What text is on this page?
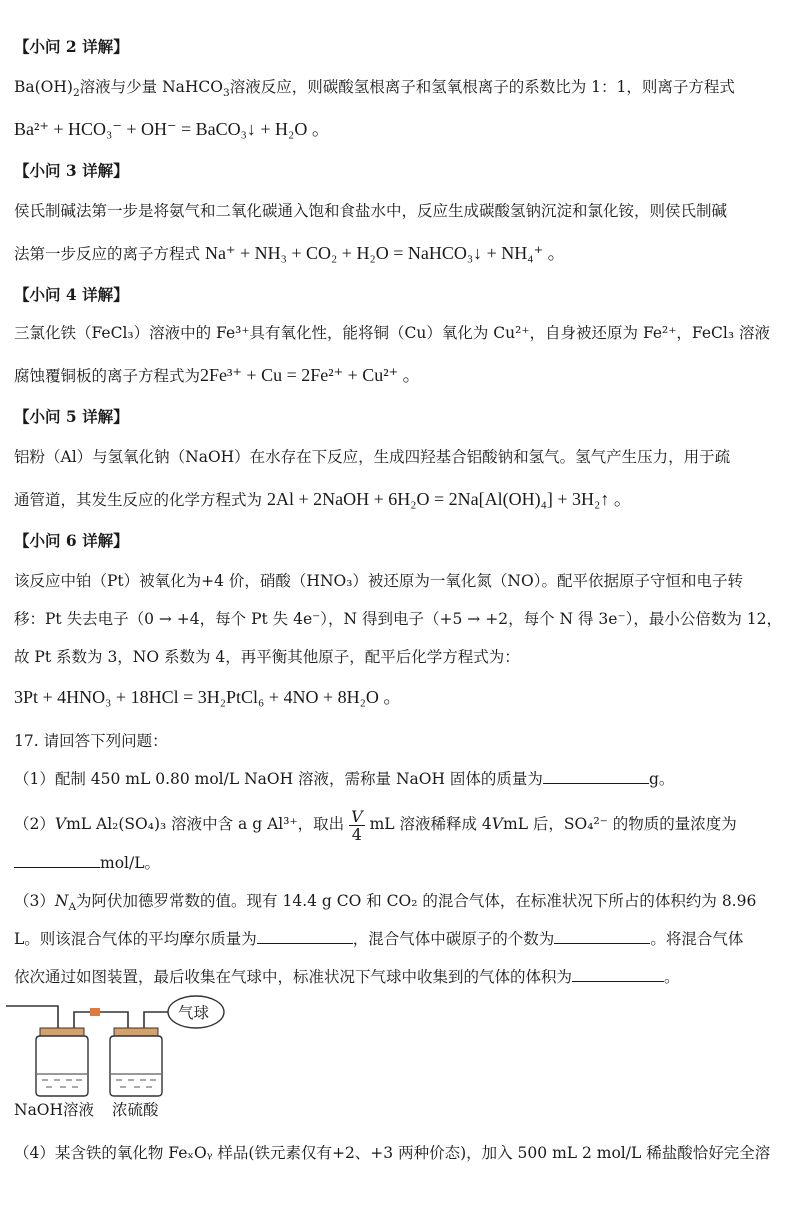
【小问 2 详解】
$Ba(OH)_2$溶液与少量 NaHCO$_3$溶液反应，则碳酸氢根离子和氢氧根离子的系数比为 1：1，则离子方程式
Ba²⁺ + HCO₃⁻ + OH⁻ = BaCO₃↓ + H₂O 。
【小问 3 详解】
侯氏制碱法第一步是将氨气和二氧化碳通入饱和食盐水中，反应生成碳酸氢钠沉淀和氯化铵，则侯氏制碱
法第一步反应的离子方程式 Na⁺ + NH₃ + CO₂ + H₂O = NaHCO₃↓ + NH₄⁺ 。
【小问 4 详解】
三氯化铁（FeCl₃）溶液中的 Fe³⁺具有氧化性，能将铜（Cu）氧化为 Cu²⁺，自身被还原为 Fe²⁺，FeCl₃ 溶液
腐蚀覆铜板的离子方程式为2Fe³⁺ + Cu = 2Fe²⁺ + Cu²⁺ 。
【小问 5 详解】
铝粉（Al）与氢氧化钠（NaOH）在水存在下反应，生成四羟基合铝酸钠和氢气。氢气产生压力，用于疏
通管道，其发生反应的化学方程式为 2Al + 2NaOH + 6H₂O = 2Na[Al(OH)₄] + 3H₂↑ 。
【小问 6 详解】
该反应中铂（Pt）被氧化为+4 价，硝酸（HNO₃）被还原为一氧化氮（NO）。配平依据原子守恒和电子转
移：Pt 失去电子（0 → +4，每个 Pt 失 4e⁻），N 得到电子（+5 → +2，每个 N 得 3e⁻），最小公倍数为 12，
故 Pt 系数为 3，NO 系数为 4，再平衡其他原子，配平后化学方程式为：
3Pt + 4HNO₃ + 18HCl = 3H₂PtCl₆ + 4NO + 8H₂O 。
17. 请回答下列问题：
（1）配制 450 mL 0.80 mol/L NaOH 溶液，需称量 NaOH 固体的质量为	g。
（2）VmL Al₂(SO₄)₃ 溶液中含 a g Al³⁺，取出 $\frac{V}{4}$ mL 溶液稀释成 4VmL 后，SO₄²⁻ 的物质的量浓度为
mol/L。
$(3)N_A$为阿伏加德罗常数的值。现有 14.4 g CO 和 CO₂ 的混合气体，在标准状况下所占的体积约为 8.96
L。则该混合气体的平均摩尔质量为	，混合气体中碳原子的个数为	。将混合气体
依次通过如图装置，最后收集在气球中，标准状况下气球中收集到的气体的体积为	。
气球
NaOH溶液 浓硫酸
（4）某含铁的氧化物 FeₓOᵧ 样品(铁元素仅有+2、+3 两种价态)，加入 500 mL 2 mol/L 稀盐酸恰好完全溶
